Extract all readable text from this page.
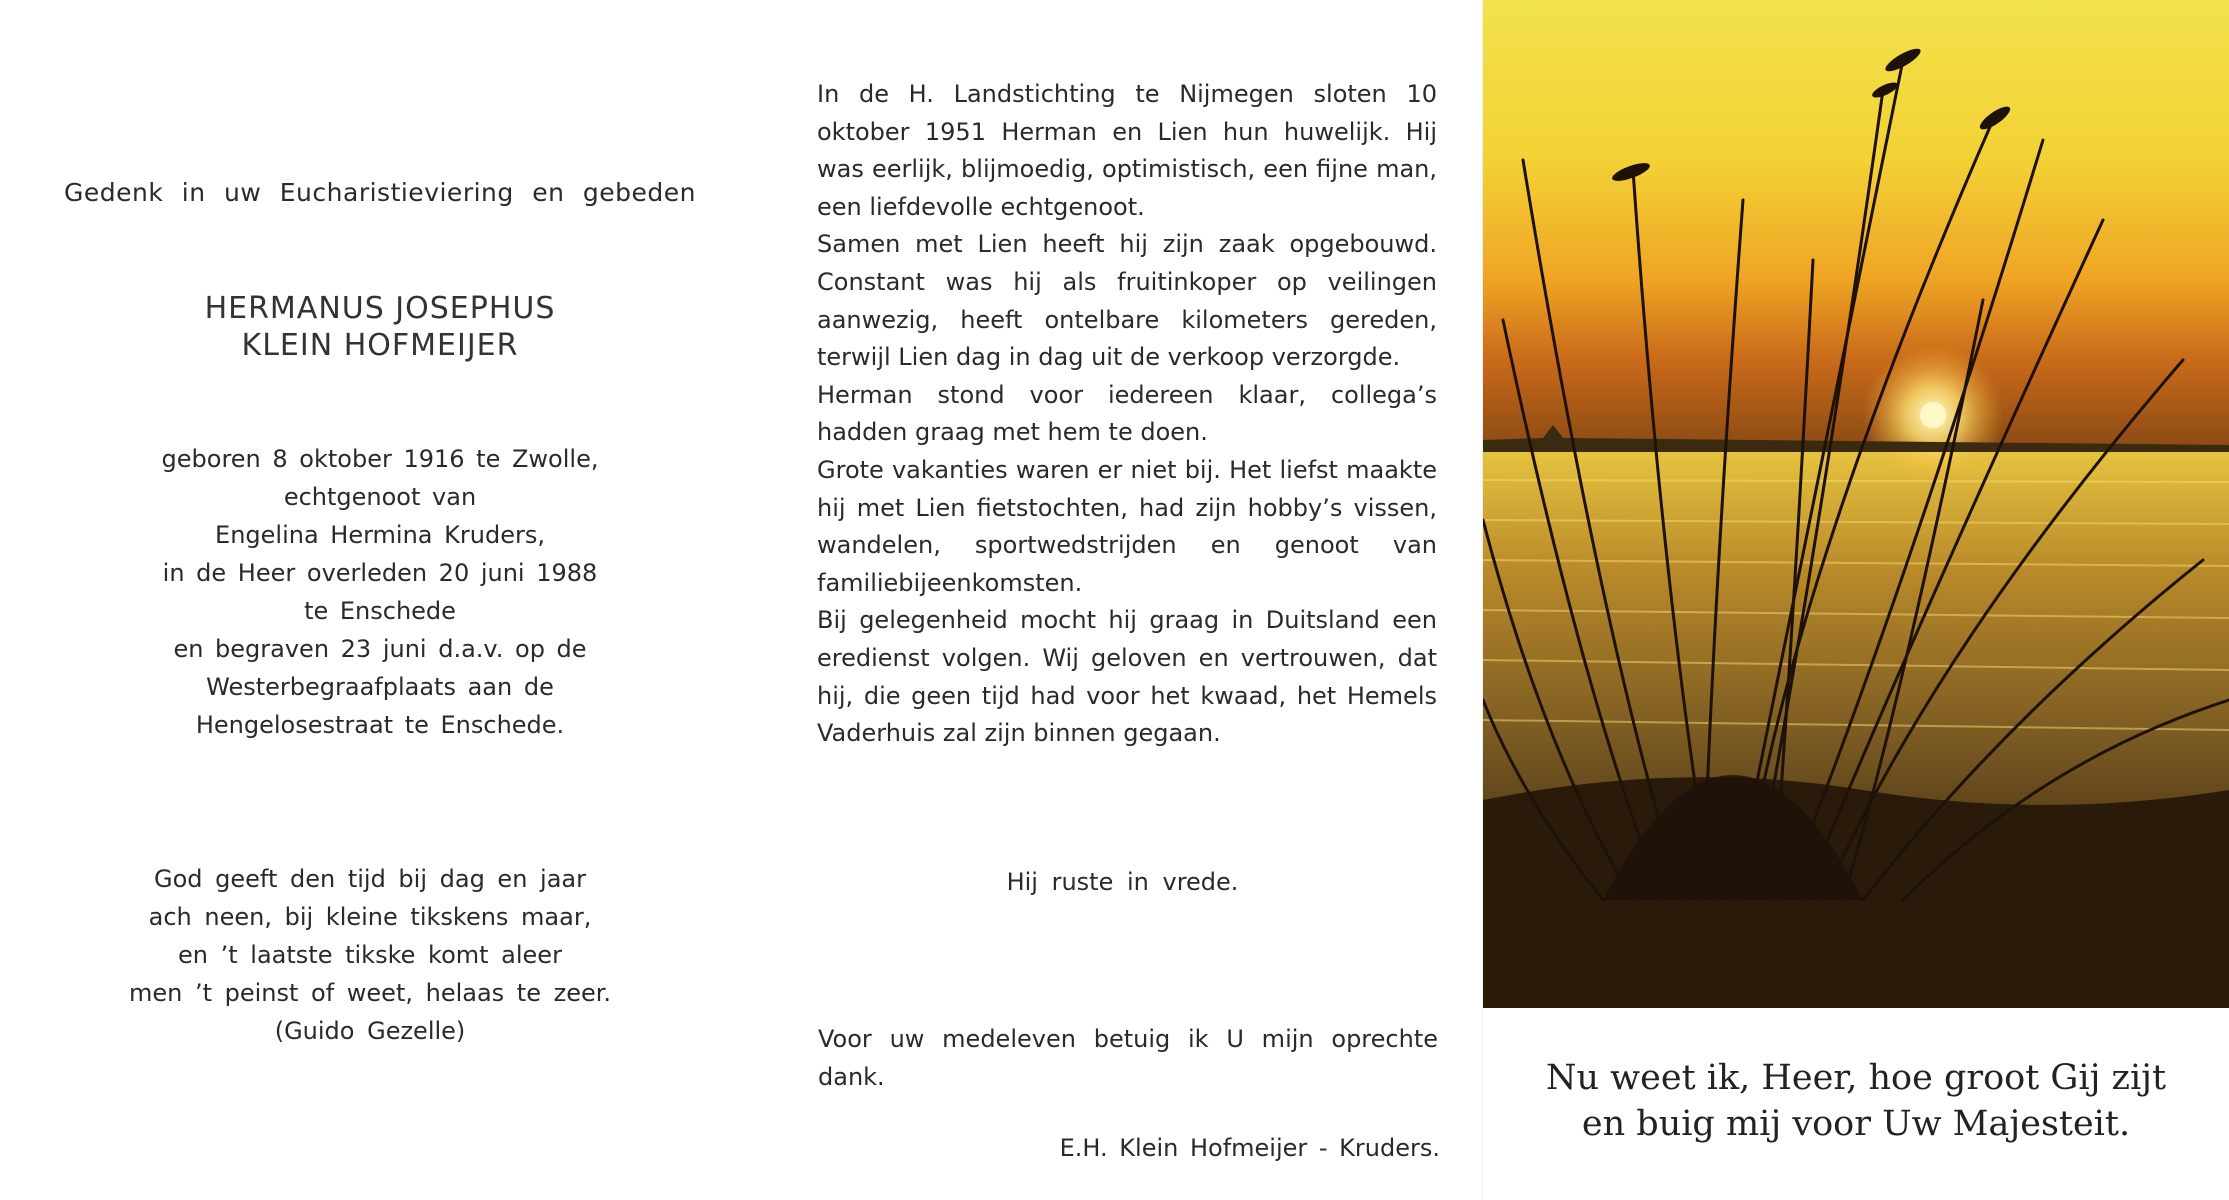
Gedenk in uw Eucharistieviering en gebeden
HERMANUS JOSEPHUS
KLEIN HOFMEIJER
geboren 8 oktober 1916 te Zwolle,
echtgenoot van
Engelina Hermina Kruders,
in de Heer overleden 20 juni 1988
te Enschede
en begraven 23 juni d.a.v. op de
Westerbegraafplaats aan de
Hengelosestraat te Enschede.
God geeft den tijd bij dag en jaar
ach neen, bij kleine tikskens maar,
en ’t laatste tikske komt aleer
men ’t peinst of weet, helaas te zeer.
(Guido Gezelle)

In de H. Landstichting te Nijmegen sloten 10 oktober 1951 Herman en Lien hun huwelijk. Hij was eerlijk, blijmoedig, optimistisch, een fijne man, een liefdevolle echtgenoot.

Samen met Lien heeft hij zijn zaak opgebouwd. Constant was hij als fruitinkoper op veilingen aanwezig, heeft ontelbare kilometers gereden, terwijl Lien dag in dag uit de verkoop verzorgde.

Herman stond voor iedereen klaar, collega’s hadden graag met hem te doen.

Grote vakanties waren er niet bij. Het liefst maakte hij met Lien fietstochten, had zijn hobby’s vissen, wandelen, sportwedstrijden en genoot van familiebijeenkomsten.

Bij gelegenheid mocht hij graag in Duitsland een eredienst volgen. Wij geloven en vertrouwen, dat hij, die geen tijd had voor het kwaad, het Hemels Vaderhuis zal zijn binnen gegaan.

Hij ruste in vrede.
Voor uw medeleven betuig ik U mijn oprechte dank.
E.H. Klein Hofmeijer - Kruders.
Nu weet ik, Heer, hoe groot Gij zijt
en buig mij voor Uw Majesteit.
